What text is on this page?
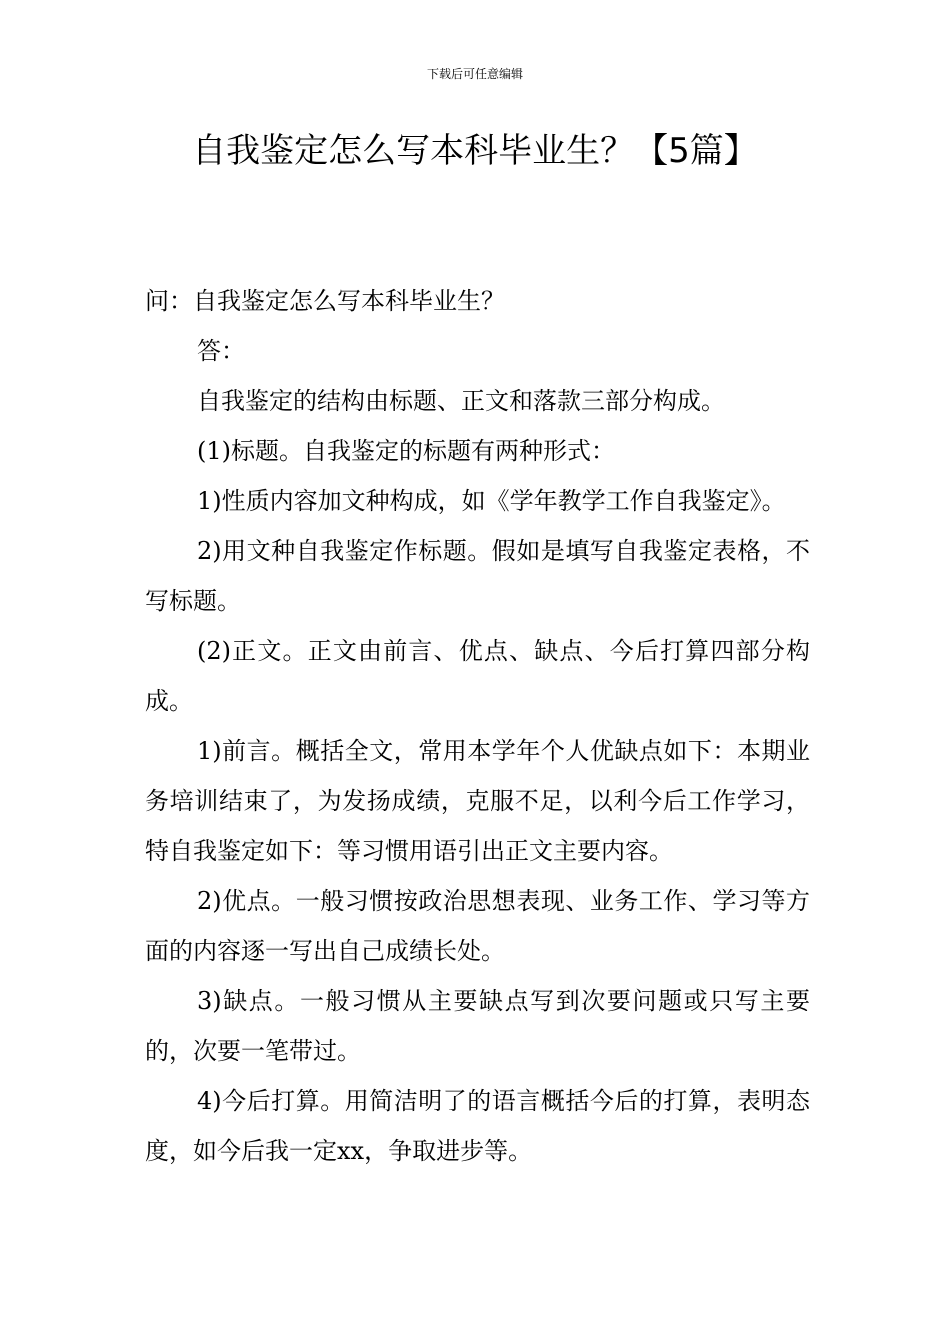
下载后可任意编辑
自我鉴定怎么写本科毕业生？【5篇】

问：自我鉴定怎么写本科毕业生？

答：

自我鉴定的结构由标题、正文和落款三部分构成。

(1)标题。自我鉴定的标题有两种形式：

1)性质内容加文种构成，如《学年教学工作自我鉴定》。

2)用文种自我鉴定作标题。假如是填写自我鉴定表格，不写标题。

(2)正文。正文由前言、优点、缺点、今后打算四部分构成。

1)前言。概括全文，常用本学年个人优缺点如下：本期业务培训结束了，为发扬成绩，克服不足，以利今后工作学习，特自我鉴定如下：等习惯用语引出正文主要内容。

2)优点。一般习惯按政治思想表现、业务工作、学习等方面的内容逐一写出自己成绩长处。

3)缺点。一般习惯从主要缺点写到次要问题或只写主要的，次要一笔带过。

4)今后打算。用简洁明了的语言概括今后的打算，表明态度，如今后我一定xx，争取进步等。
